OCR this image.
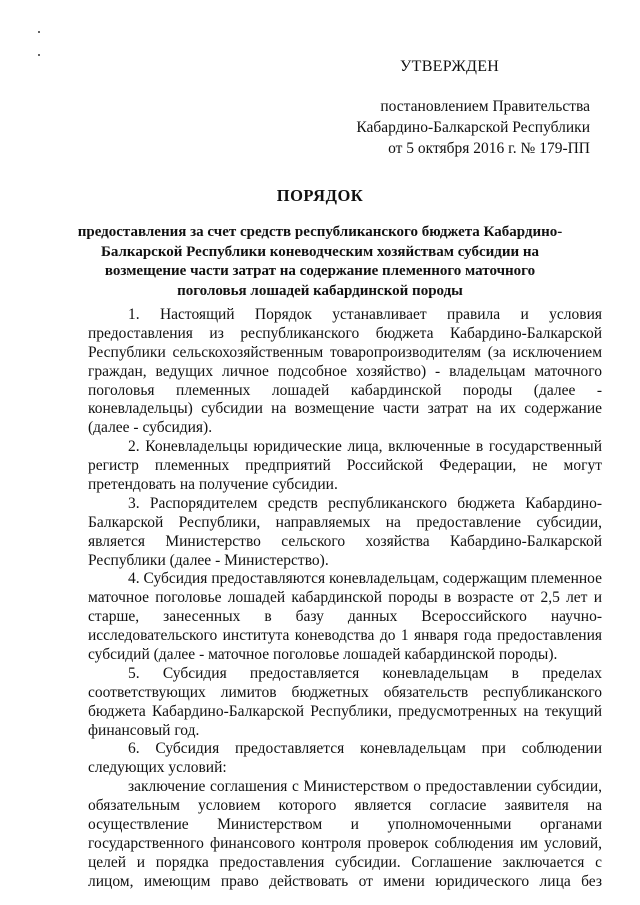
УТВЕРЖДЕН
постановлением Правительства
Кабардино-Балкарской Республики
от 5 октября 2016 г. № 179-ПП
ПОРЯДОК
предоставления за счет средств республиканского бюджета Кабардино-
Балкарской Республики коневодческим хозяйствам субсидии на
возмещение части затрат на содержание племенного маточного
поголовья лошадей кабардинской породы
1. Настоящий Порядок устанавливает правила и условия
предоставления из республиканского бюджета Кабардино-Балкарской
Республики сельскохозяйственным товаропроизводителям (за исключением
граждан, ведущих личное подсобное хозяйство) - владельцам маточного
поголовья племенных лошадей кабардинской породы (далее -
коневладельцы) субсидии на возмещение части затрат на их содержание
(далее - субсидия).
2. Коневладельцы юридические лица, включенные в государственный
регистр племенных предприятий Российской Федерации, не могут
претендовать на получение субсидии.
3. Распорядителем средств республиканского бюджета Кабардино-
Балкарской Республики, направляемых на предоставление субсидии,
является Министерство сельского хозяйства Кабардино-Балкарской
Республики (далее - Министерство).
4. Субсидия предоставляются коневладельцам, содержащим племенное
маточное поголовье лошадей кабардинской породы в возрасте от 2,5 лет и
старше, занесенных в базу данных Всероссийского научно-
исследовательского института коневодства до 1 января года предоставления
субсидий (далее - маточное поголовье лошадей кабардинской породы).
5. Субсидия предоставляется коневладельцам в пределах
соответствующих лимитов бюджетных обязательств республиканского
бюджета Кабардино-Балкарской Республики, предусмотренных на текущий
финансовый год.
6. Субсидия предоставляется коневладельцам при соблюдении
следующих условий:
заключение соглашения с Министерством о предоставлении субсидии,
обязательным условием которого является согласие заявителя на
осуществление Министерством и уполномоченными органами
государственного финансового контроля проверок соблюдения им условий,
целей и порядка предоставления субсидии. Соглашение заключается с
лицом, имеющим право действовать от имени юридического лица без
